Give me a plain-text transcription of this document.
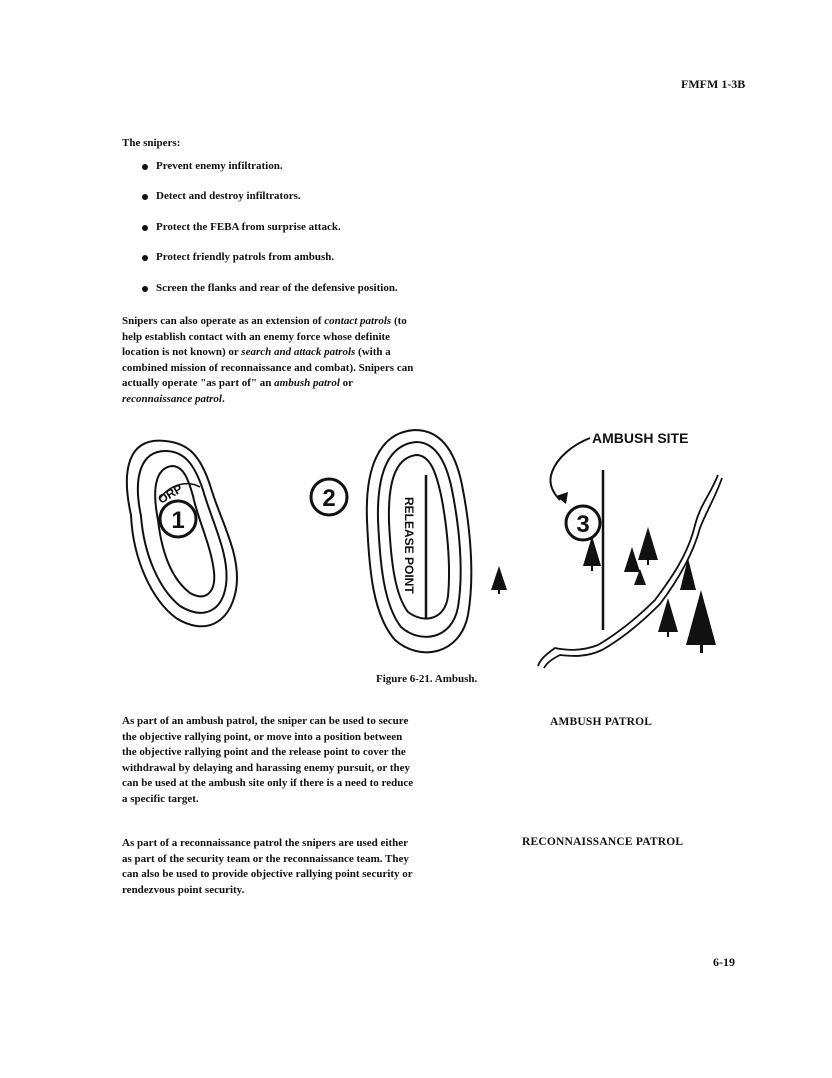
FMFM 1-3B
The snipers:
Prevent enemy infiltration.
Detect and destroy infiltrators.
Protect the FEBA from surprise attack.
Protect friendly patrols from ambush.
Screen the flanks and rear of the defensive position.

Snipers can also operate as an extension of contact patrols (to help establish contact with an enemy force whose definite location is not known) or search and attack patrols (with a combined mission of reconnaissance and combat). Snipers can actually operate "as part of" an ambush patrol or reconnaissance patrol.

ORP
1
2	RELEASE POINT
AMBUSH SITE
3
Figure 6-21. Ambush.

As part of an ambush patrol, the sniper can be used to secure the objective rallying point, or move into a position between the objective rallying point and the release point to cover the withdrawal by delaying and harassing enemy pursuit, or they can be used at the ambush site only if there is a need to reduce a specific target.

AMBUSH PATROL

As part of a reconnaissance patrol the snipers are used either as part of the security team or the reconnaissance team. They can also be used to provide objective rallying point security or rendezvous point security.

RECONNAISSANCE PATROL
6-19
